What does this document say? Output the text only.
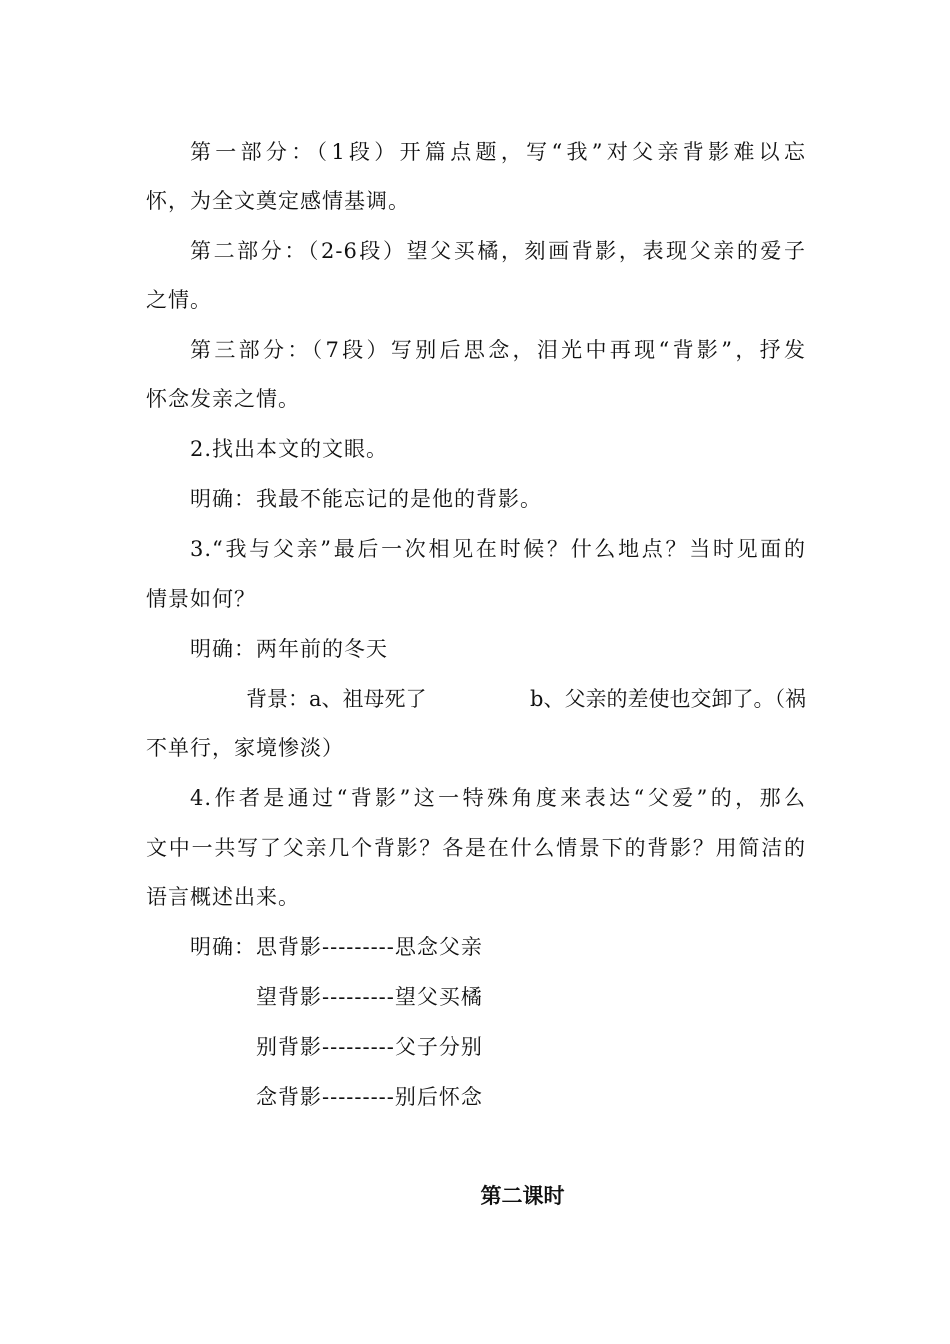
第一部分：（1段）开篇点题，写“我”对父亲背影难以忘
怀，为全文奠定感情基调。
第二部分：（2-6段）望父买橘，刻画背影，表现父亲的爱子
之情。
第三部分：（7段）写别后思念，泪光中再现“背影”，抒发
怀念发亲之情。
2.找出本文的文眼。
明确：我最不能忘记的是他的背影。
3.“我与父亲”最后一次相见在时候？什么地点？当时见面的
情景如何？
明确：两年前的冬天
背景：a、祖母死了	b、父亲的差使也交卸了。（祸
不单行，家境惨淡）
4.作者是通过“背影”这一特殊角度来表达“父爱”的，那么
文中一共写了父亲几个背影？各是在什么情景下的背影？用简洁的
语言概述出来。
明确：思背影---------思念父亲
望背影---------望父买橘
别背影---------父子分别
念背影---------别后怀念
第二课时
